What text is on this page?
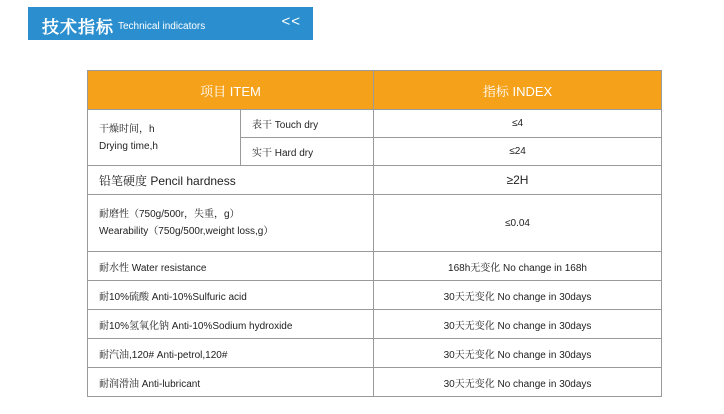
技术指标 Technical indicators	<<
项目 ITEM		指标 INDEX

干燥时间，h
Drying time,h	表干 Touch dry	≤4
	实干 Hard dry	≤24
铅笔硬度 Pencil hardness		≥2H

耐磨性（750g/500r，失重，g）
Wearability（750g/500r,weight loss,g）		≤0.04
耐水性 Water resistance		168h无变化 No change in 168h
耐10%硫酸 Anti-10%Sulfuric acid		30天无变化 No change in 30days
耐10%氢氧化钠 Anti-10%Sodium hydroxide		30天无变化 No change in 30days
耐汽油,120# Anti-petrol,120#		30天无变化 No change in 30days
耐润滑油 Anti-lubricant		30天无变化 No change in 30days
